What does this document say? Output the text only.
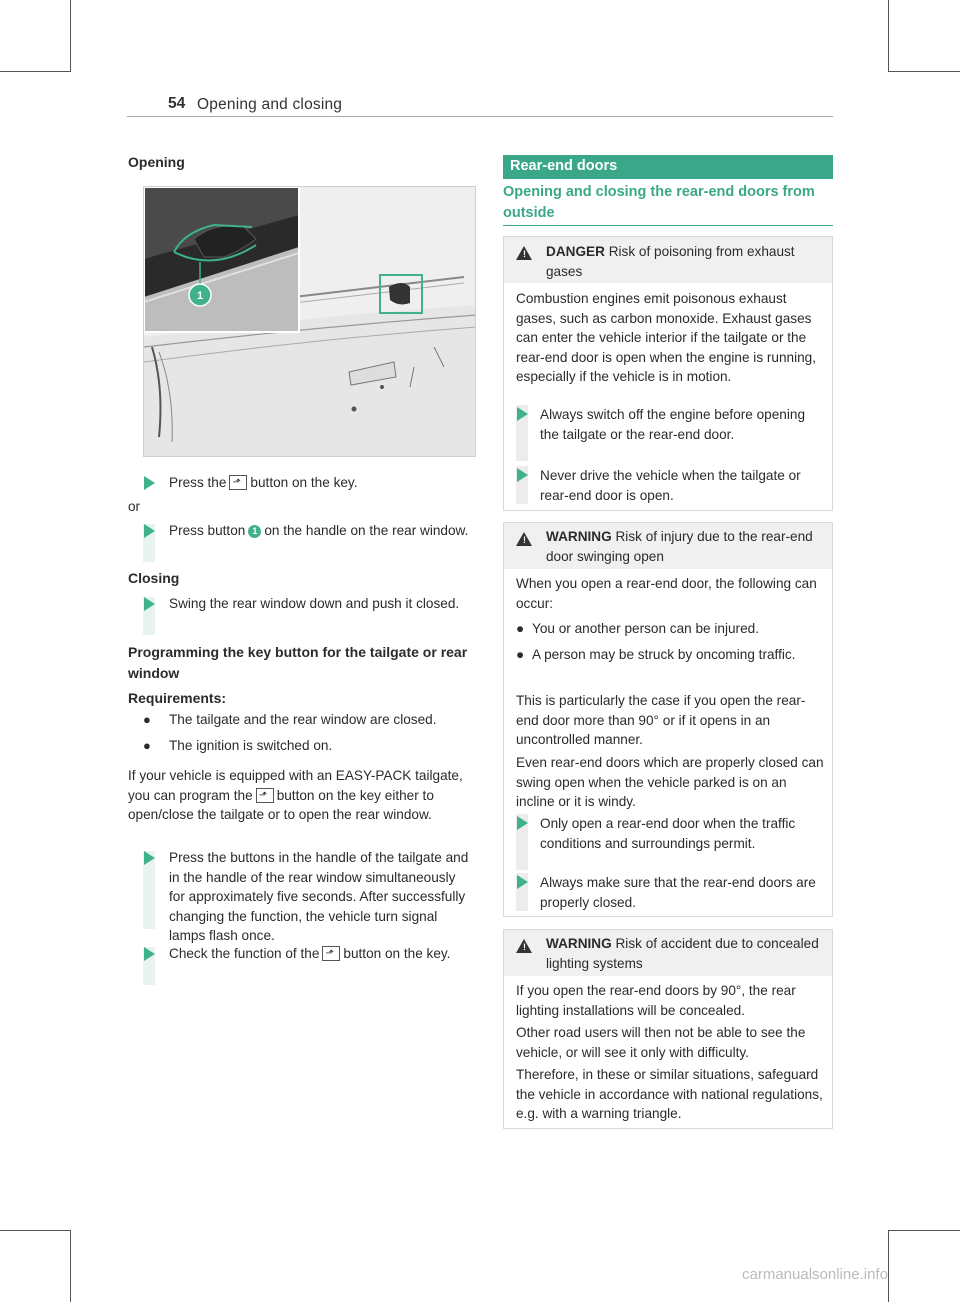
54 Opening and closing
Opening
1
Press the ⬏ button on the key.
or
Press button 1 on the handle on the rear window.
Closing
Swing the rear window down and push it closed.
Programming the key button for the tailgate or rear window
Requirements:
● The tailgate and the rear window are closed.
● The ignition is switched on.
If your vehicle is equipped with an EASY-PACK tailgate, you can program the ⬏ button on the key either to open/close the tailgate or to open the rear window.
Press the buttons in the handle of the tailgate and in the handle of the rear window simultaneously for approximately five seconds. After successfully changing the function, the vehicle turn signal lamps flash once.
Check the function of the ⬏ button on the key.
Rear-end doors
Opening and closing the rear-end doors from outside
! DANGER Risk of poisoning from exhaust gases
Combustion engines emit poisonous exhaust gases, such as carbon monoxide. Exhaust gases can enter the vehicle interior if the tailgate or the rear-end door is open when the engine is running, especially if the vehicle is in motion.
Always switch off the engine before opening the tailgate or the rear-end door.
Never drive the vehicle when the tailgate or rear-end door is open.
! WARNING Risk of injury due to the rear-end door swinging open
When you open a rear-end door, the following can occur:
● You or another person can be injured.
● A person may be struck by oncoming traffic.
This is particularly the case if you open the rear-end door more than 90° or if it opens in an uncontrolled manner.
Even rear-end doors which are properly closed can swing open when the vehicle parked is on an incline or it is windy.
Only open a rear-end door when the traffic conditions and surroundings permit.
Always make sure that the rear-end doors are properly closed.
! WARNING Risk of accident due to concealed lighting systems
If you open the rear-end doors by 90°, the rear lighting installations will be concealed.
Other road users will then not be able to see the vehicle, or will see it only with difficulty.
Therefore, in these or similar situations, safeguard the vehicle in accordance with national regulations, e.g. with a warning triangle.
carmanualsonline.info
